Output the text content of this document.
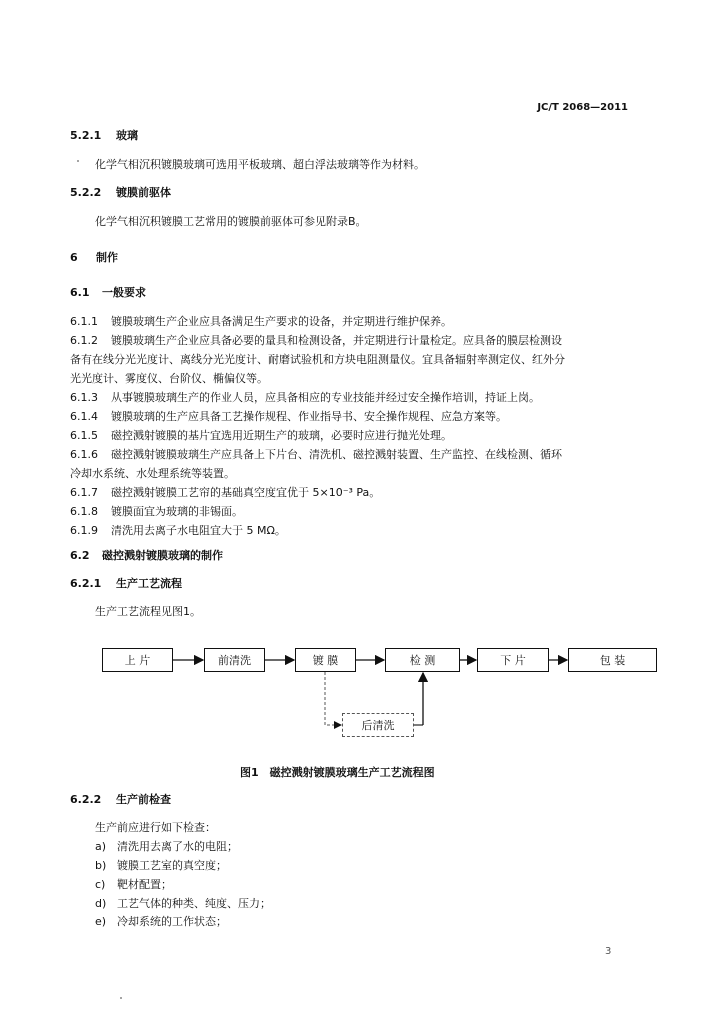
JC/T 2068—2011
5.2.1 玻璃
化学气相沉积镀膜玻璃可选用平板玻璃、超白浮法玻璃等作为材料。
5.2.2 镀膜前驱体
化学气相沉积镀膜工艺常用的镀膜前驱体可参见附录B。
6 制作
6.1 一般要求
6.1.1 镀膜玻璃生产企业应具备满足生产要求的设备，并定期进行维护保养。
6.1.2 镀膜玻璃生产企业应具备必要的量具和检测设备，并定期进行计量检定。应具备的膜层检测设
备有在线分光光度计、离线分光光度计、耐磨试验机和方块电阻测量仪。宜具备辐射率测定仪、红外分
光光度计、雾度仪、台阶仪、椭偏仪等。
6.1.3 从事镀膜玻璃生产的作业人员，应具备相应的专业技能并经过安全操作培训，持证上岗。
6.1.4 镀膜玻璃的生产应具备工艺操作规程、作业指导书、安全操作规程、应急方案等。
6.1.5 磁控溅射镀膜的基片宜选用近期生产的玻璃，必要时应进行抛光处理。
6.1.6 磁控溅射镀膜玻璃生产应具备上下片台、清洗机、磁控溅射装置、生产监控、在线检测、循环
冷却水系统、水处理系统等装置。
6.1.7 磁控溅射镀膜工艺帘的基础真空度宜优于 5×10⁻³ Pa。
6.1.8 镀膜面宜为玻璃的非锡面。
6.1.9 清洗用去离子水电阻宜大于 5 MΩ。
6.2 磁控溅射镀膜玻璃的制作
6.2.1 生产工艺流程
生产工艺流程见图1。
上 片	前清洗	镀 膜	检 测	下 片	包 装
后清洗
图1　磁控溅射镀膜玻璃生产工艺流程图
6.2.2 生产前检查
生产前应进行如下检查：
a) 清洗用去离了水的电阻；
b) 镀膜工艺室的真空度；
c) 靶材配置；
d) 工艺气体的种类、纯度、压力；
e) 冷却系统的工作状态；
3
